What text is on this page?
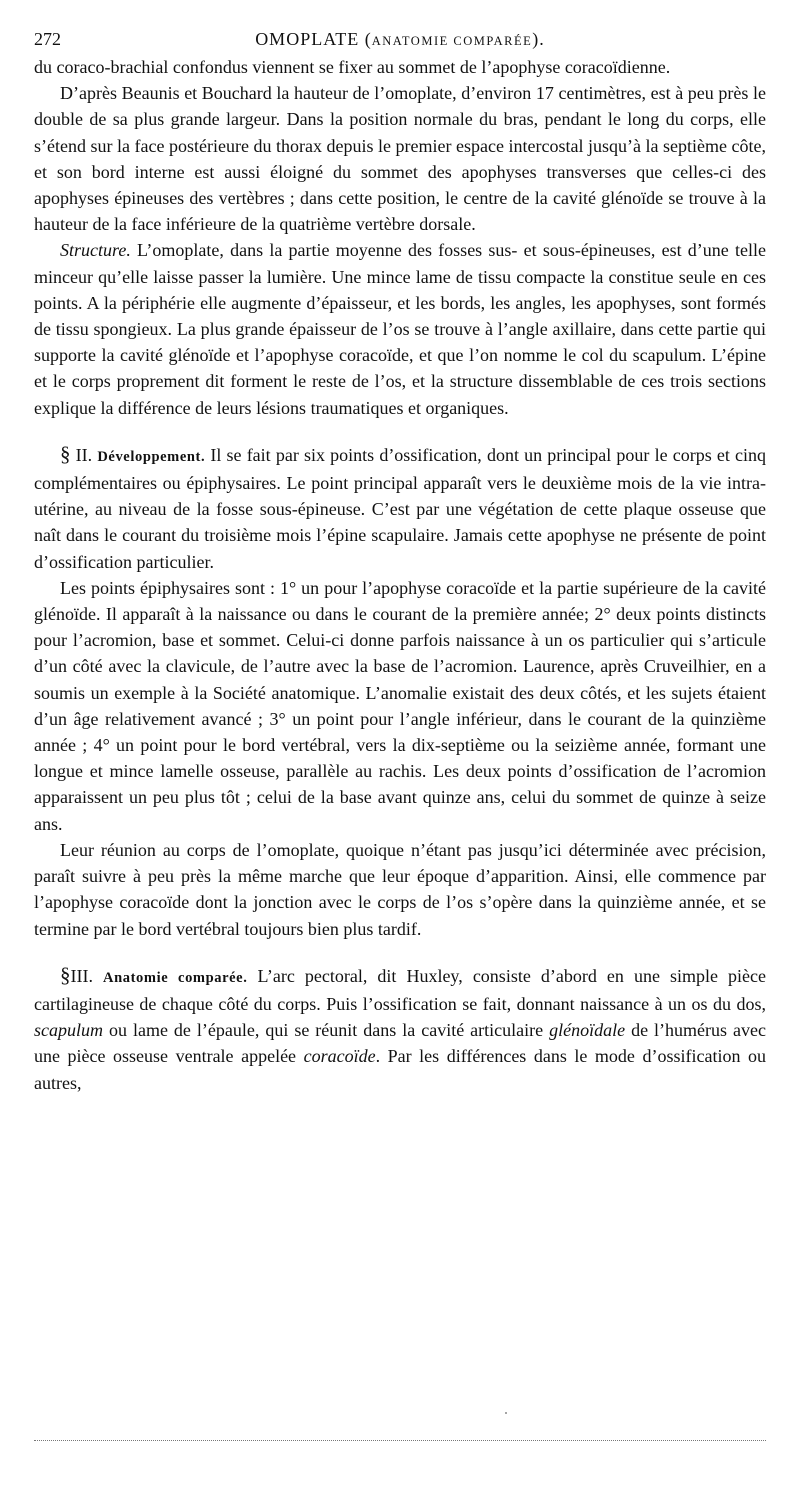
272	OMOPLATE (ANATOMIE COMPARÉE).

du coraco-brachial confondus viennent se fixer au sommet de l’apophyse coracoïdienne.

D’après Beaunis et Bouchard la hauteur de l’omoplate, d’environ 17 centimètres, est à peu près le double de sa plus grande largeur. Dans la position normale du bras, pendant le long du corps, elle s’étend sur la face postérieure du thorax depuis le premier espace intercostal jusqu’à la septième côte, et son bord interne est aussi éloigné du sommet des apophyses transverses que celles-ci des apophyses épineuses des vertèbres ; dans cette position, le centre de la cavité glénoïde se trouve à la hauteur de la face inférieure de la quatrième vertèbre dorsale.

Structure. L’omoplate, dans la partie moyenne des fosses sus- et sous-épineuses, est d’une telle minceur qu’elle laisse passer la lumière. Une mince lame de tissu compacte la constitue seule en ces points. A la périphérie elle augmente d’épaisseur, et les bords, les angles, les apophyses, sont formés de tissu spongieux. La plus grande épaisseur de l’os se trouve à l’angle axillaire, dans cette partie qui supporte la cavité glénoïde et l’apophyse coracoïde, et que l’on nomme le col du scapulum. L’épine et le corps proprement dit forment le reste de l’os, et la structure dissemblable de ces trois sections explique la différence de leurs lésions traumatiques et organiques.

§ II. Développement. Il se fait par six points d’ossification, dont un principal pour le corps et cinq complémentaires ou épiphysaires. Le point principal apparaît vers le deuxième mois de la vie intra-utérine, au niveau de la fosse sous-épineuse. C’est par une végétation de cette plaque osseuse que naît dans le courant du troisième mois l’épine scapulaire. Jamais cette apophyse ne présente de point d’ossification particulier.

Les points épiphysaires sont : 1° un pour l’apophyse coracoïde et la partie supérieure de la cavité glénoïde. Il apparaît à la naissance ou dans le courant de la première année; 2° deux points distincts pour l’acromion, base et sommet. Celui-ci donne parfois naissance à un os particulier qui s’articule d’un côté avec la clavicule, de l’autre avec la base de l’acromion. Laurence, après Cruveilhier, en a soumis un exemple à la Société anatomique. L’anomalie existait des deux côtés, et les sujets étaient d’un âge relativement avancé ; 3° un point pour l’angle inférieur, dans le courant de la quinzième année ; 4° un point pour le bord vertébral, vers la dix-septième ou la seizième année, formant une longue et mince lamelle osseuse, parallèle au rachis. Les deux points d’ossification de l’acromion apparaissent un peu plus tôt ; celui de la base avant quinze ans, celui du sommet de quinze à seize ans.

Leur réunion au corps de l’omoplate, quoique n’étant pas jusqu’ici déterminée avec précision, paraît suivre à peu près la même marche que leur époque d’apparition. Ainsi, elle commence par l’apophyse coracoïde dont la jonction avec le corps de l’os s’opère dans la quinzième année, et se termine par le bord vertébral toujours bien plus tardif.

§III. Anatomie comparée. L’arc pectoral, dit Huxley, consiste d’abord en une simple pièce cartilagineuse de chaque côté du corps. Puis l’ossification se fait, donnant naissance à un os du dos, scapulum ou lame de l’épaule, qui se réunit dans la cavité articulaire glénoïdale de l’humérus avec une pièce osseuse ventrale appelée coracoïde. Par les différences dans le mode d’ossification ou autres,
